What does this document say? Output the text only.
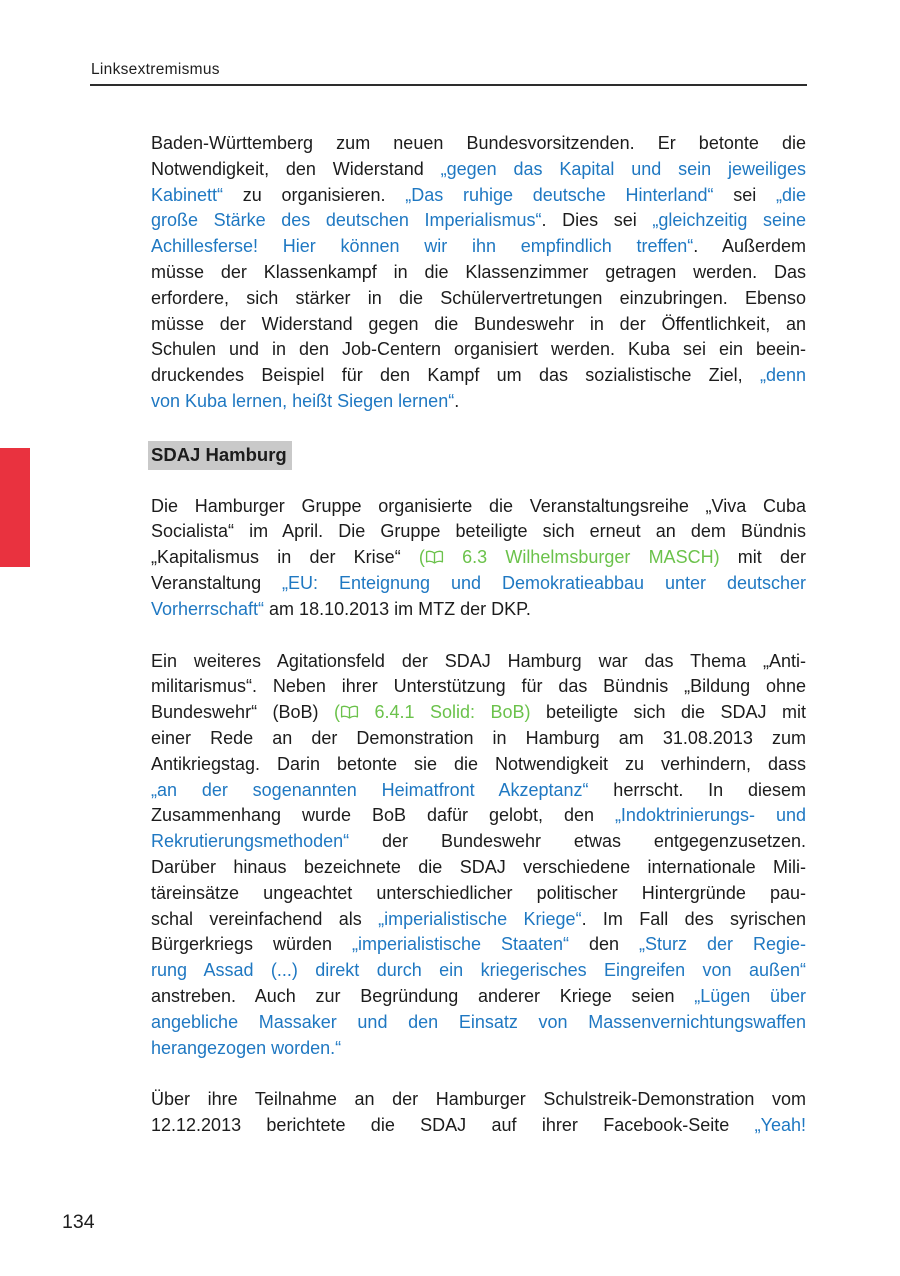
Linksextremismus
Baden-Württemberg zum neuen Bundesvorsitzenden. Er betonte die
Notwendigkeit, den Widerstand „gegen das Kapital und sein jeweiliges
Kabinett“ zu organisieren. „Das ruhige deutsche Hinterland“ sei „die
große Stärke des deutschen Imperialismus“. Dies sei „gleichzeitig seine
Achillesferse! Hier können wir ihn empfindlich treffen“. Außerdem
müsse der Klassenkampf in die Klassenzimmer getragen werden. Das
erfordere, sich stärker in die Schülervertretungen einzubringen. Ebenso
müsse der Widerstand gegen die Bundeswehr in der Öffentlichkeit, an
Schulen und in den Job-Centern organisiert werden. Kuba sei ein beein-
druckendes Beispiel für den Kampf um das sozialistische Ziel, „denn
von Kuba lernen, heißt Siegen lernen“.
SDAJ Hamburg
Die Hamburger Gruppe organisierte die Veranstaltungsreihe „Viva Cuba
Socialista“ im April. Die Gruppe beteiligte sich erneut an dem Bündnis
„Kapitalismus in der Krise“ ( 6.3 Wilhelmsburger MASCH) mit der
Veranstaltung „EU: Enteignung und Demokratieabbau unter deutscher
Vorherrschaft“ am 18.10.2013 im MTZ der DKP.
Ein weiteres Agitationsfeld der SDAJ Hamburg war das Thema „Anti-
militarismus“. Neben ihrer Unterstützung für das Bündnis „Bildung ohne
Bundeswehr“ (BoB) ( 6.4.1 Solid: BoB) beteiligte sich die SDAJ mit
einer Rede an der Demonstration in Hamburg am 31.08.2013 zum
Antikriegstag. Darin betonte sie die Notwendigkeit zu verhindern, dass
„an der sogenannten Heimatfront Akzeptanz“ herrscht. In diesem
Zusammenhang wurde BoB dafür gelobt, den „Indoktrinierungs- und
Rekrutierungsmethoden“ der Bundeswehr etwas entgegenzusetzen.
Darüber hinaus bezeichnete die SDAJ verschiedene internationale Mili-
täreinsätze ungeachtet unterschiedlicher politischer Hintergründe pau-
schal vereinfachend als „imperialistische Kriege“. Im Fall des syrischen
Bürgerkriegs würden „imperialistische Staaten“ den „Sturz der Regie-
rung Assad (...) direkt durch ein kriegerisches Eingreifen von außen“
anstreben. Auch zur Begründung anderer Kriege seien „Lügen über
angebliche Massaker und den Einsatz von Massenvernichtungswaffen
herangezogen worden.“
Über ihre Teilnahme an der Hamburger Schulstreik-Demonstration vom
12.12.2013 berichtete die SDAJ auf ihrer Facebook-Seite „Yeah!
134
